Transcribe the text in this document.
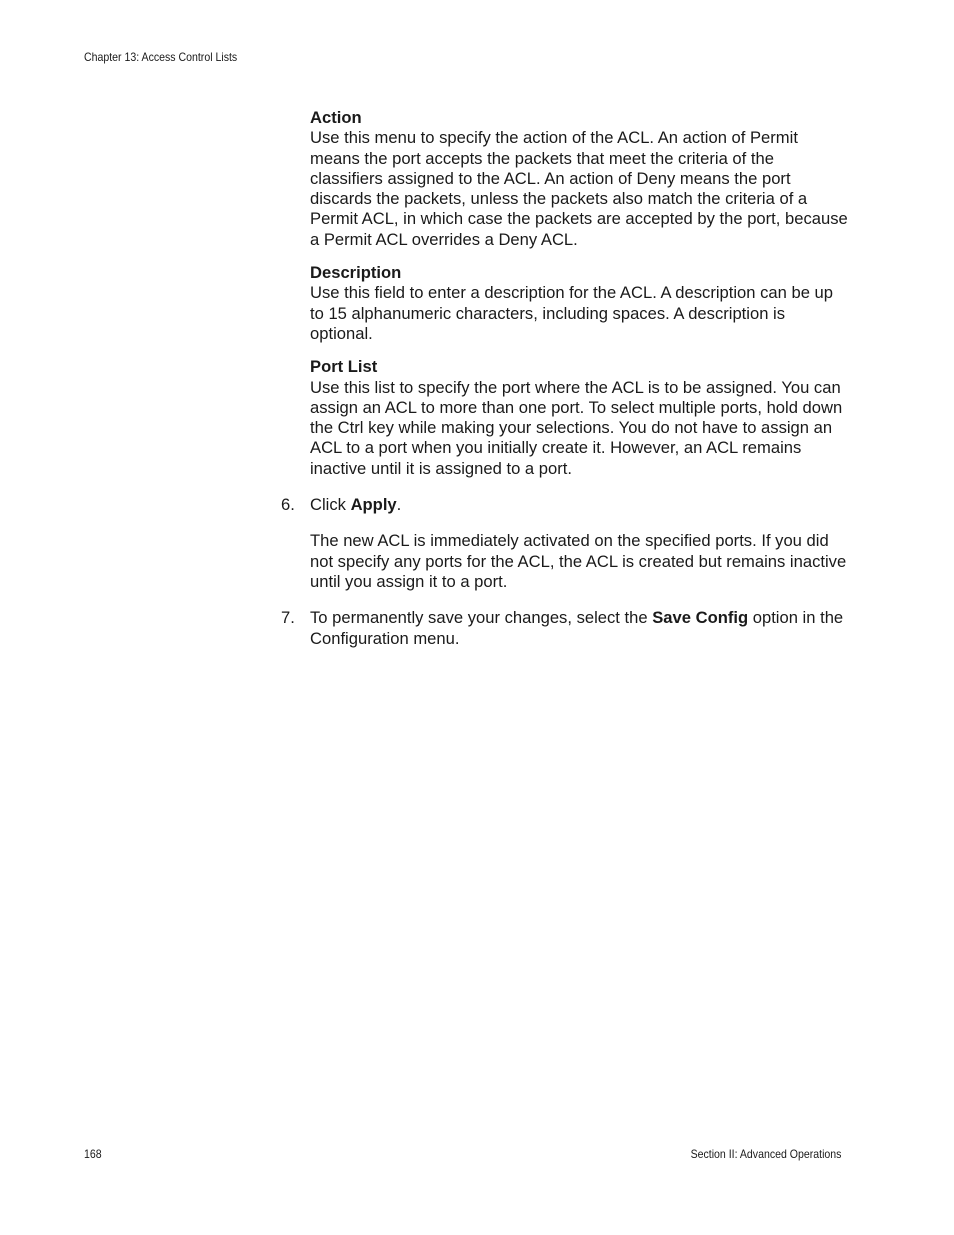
Chapter 13: Access Control Lists
Action

Use this menu to specify the action of the ACL. An action of Permit means the port accepts the packets that meet the criteria of the classifiers assigned to the ACL. An action of Deny means the port discards the packets, unless the packets also match the criteria of a Permit ACL, in which case the packets are accepted by the port, because a Permit ACL overrides a Deny ACL.

Description

Use this field to enter a description for the ACL. A description can be up to 15 alphanumeric characters, including spaces. A description is optional.

Port List

Use this list to specify the port where the ACL is to be assigned. You can assign an ACL to more than one port. To select multiple ports, hold down the Ctrl key while making your selections. You do not have to assign an ACL to a port when you initially create it. However, an ACL remains inactive until it is assigned to a port.

6. Click Apply.

The new ACL is immediately activated on the specified ports. If you did not specify any ports for the ACL, the ACL is created but remains inactive until you assign it to a port.

7. To permanently save your changes, select the Save Config option in the Configuration menu.

168	Section II: Advanced Operations
